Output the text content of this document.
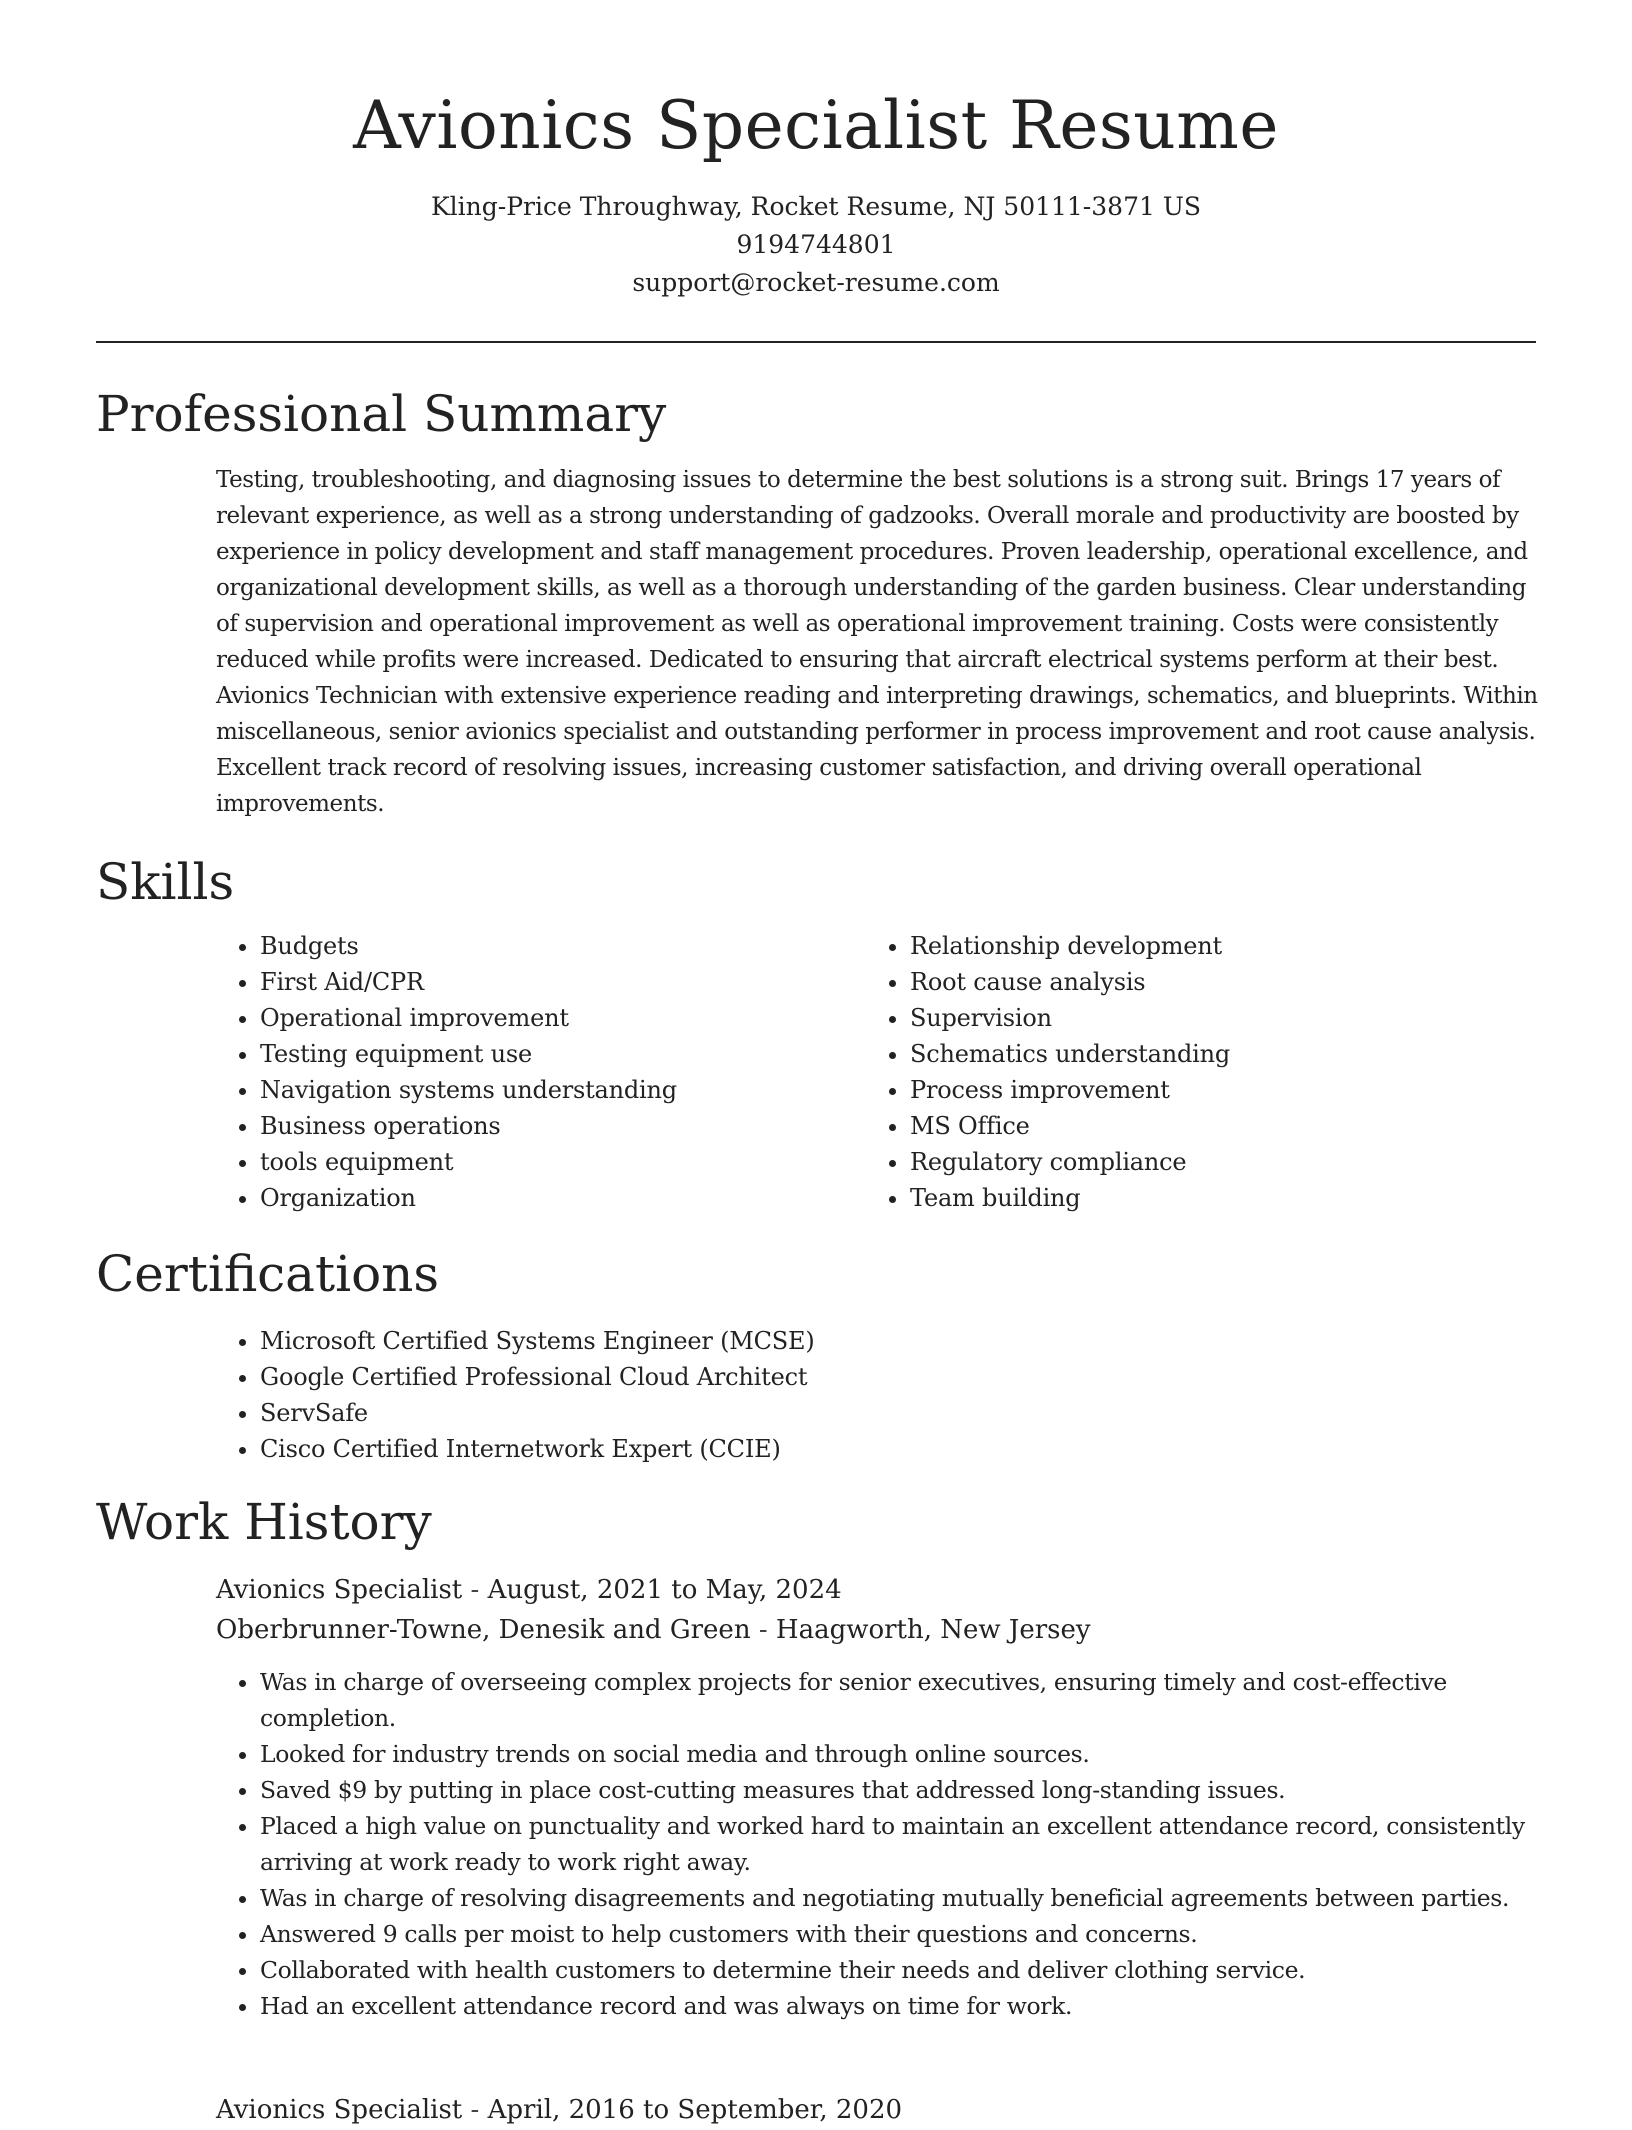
Avionics Specialist Resume
Kling-Price Throughway, Rocket Resume, NJ 50111-3871 US
9194744801
support@rocket-resume.com
Professional Summary

Testing, troubleshooting, and diagnosing issues to determine the best solutions is a strong suit. Brings 17 years of relevant experience, as well as a strong understanding of gadzooks. Overall morale and productivity are boosted by experience in policy development and staff management procedures. Proven leadership, operational excellence, and organizational development skills, as well as a thorough understanding of the garden business. Clear understanding of supervision and operational improvement as well as operational improvement training. Costs were consistently reduced while profits were increased. Dedicated to ensuring that aircraft electrical systems perform at their best. Avionics Technician with extensive experience reading and interpreting drawings, schematics, and blueprints. Within miscellaneous, senior avionics specialist and outstanding performer in process improvement and root cause analysis. Excellent track record of resolving issues, increasing customer satisfaction, and driving overall operational improvements.

Skills
• Budgets
• First Aid/CPR
• Operational improvement
• Testing equipment use
• Navigation systems understanding
• Business operations
• tools equipment
• Organization
• Relationship development
• Root cause analysis
• Supervision
• Schematics understanding
• Process improvement
• MS Office
• Regulatory compliance
• Team building
Certifications
• Microsoft Certified Systems Engineer (MCSE)
• Google Certified Professional Cloud Architect
• ServSafe
• Cisco Certified Internetwork Expert (CCIE)
Work History
Avionics Specialist - August, 2021 to May, 2024
Oberbrunner-Towne, Denesik and Green - Haagworth, New Jersey
• Was in charge of overseeing complex projects for senior executives, ensuring timely and cost-effective completion.
• Looked for industry trends on social media and through online sources.
• Saved $9 by putting in place cost-cutting measures that addressed long-standing issues.
• Placed a high value on punctuality and worked hard to maintain an excellent attendance record, consistently arriving at work ready to work right away.
• Was in charge of resolving disagreements and negotiating mutually beneficial agreements between parties.
• Answered 9 calls per moist to help customers with their questions and concerns.
• Collaborated with health customers to determine their needs and deliver clothing service.
• Had an excellent attendance record and was always on time for work.
Avionics Specialist - April, 2016 to September, 2020
